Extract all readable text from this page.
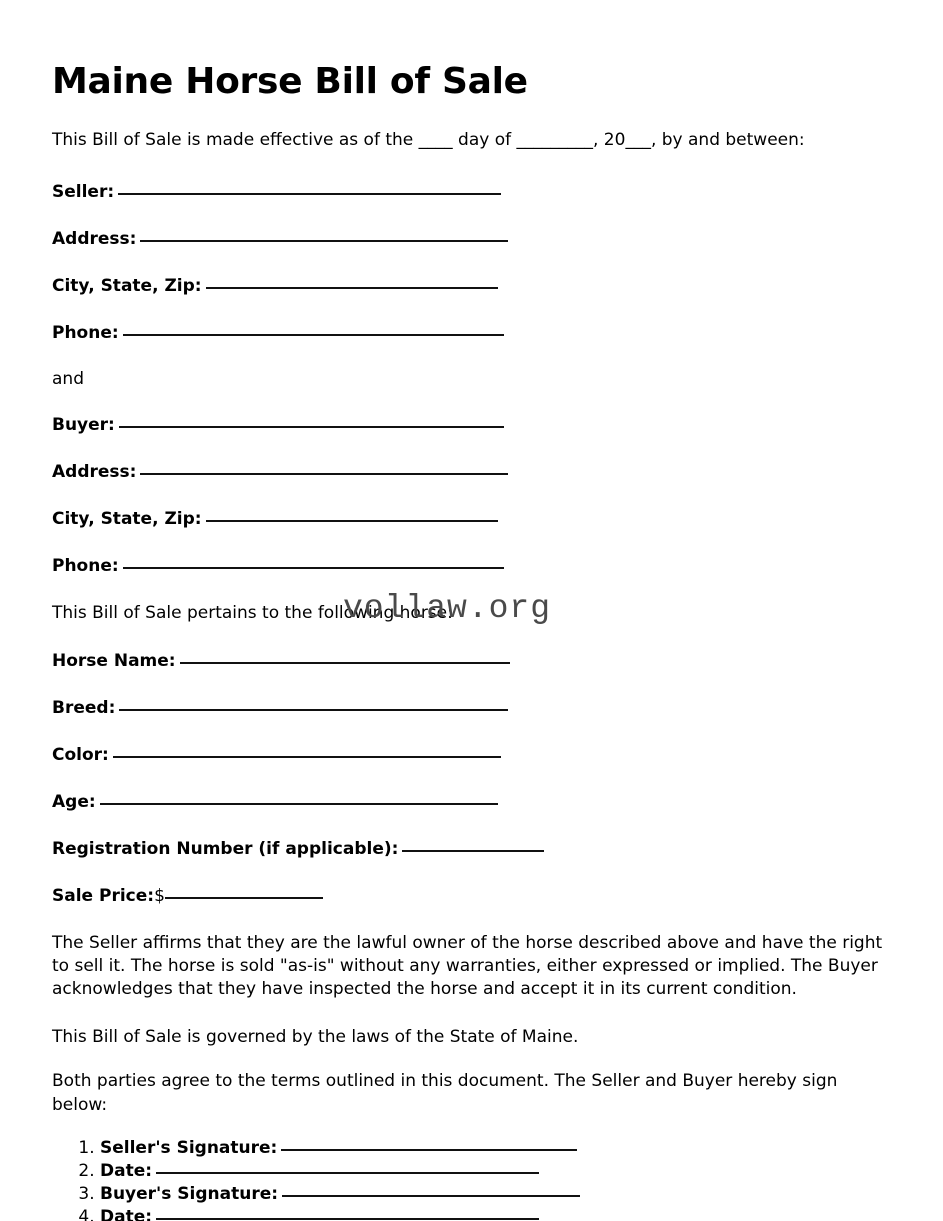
Maine Horse Bill of Sale

This Bill of Sale is made effective as of the ____ day of _________, 20___, by and between:

Seller:

Address:

City, State, Zip:

Phone:

and

Buyer:

Address:

City, State, Zip:

Phone:

This Bill of Sale pertains to the following horse:

Horse Name:

Breed:

Color:

Age:

Registration Number (if applicable):

Sale Price:$

The Seller affirms that they are the lawful owner of the horse described above and have the right to sell it. The horse is sold "as-is" without any warranties, either expressed or implied. The Buyer acknowledges that they have inspected the horse and accept it in its current condition.

This Bill of Sale is governed by the laws of the State of Maine.

Both parties agree to the terms outlined in this document. The Seller and Buyer hereby sign below:

1. Seller's Signature:
2. Date:
3. Buyer's Signature:
4. Date:
vollaw.org
